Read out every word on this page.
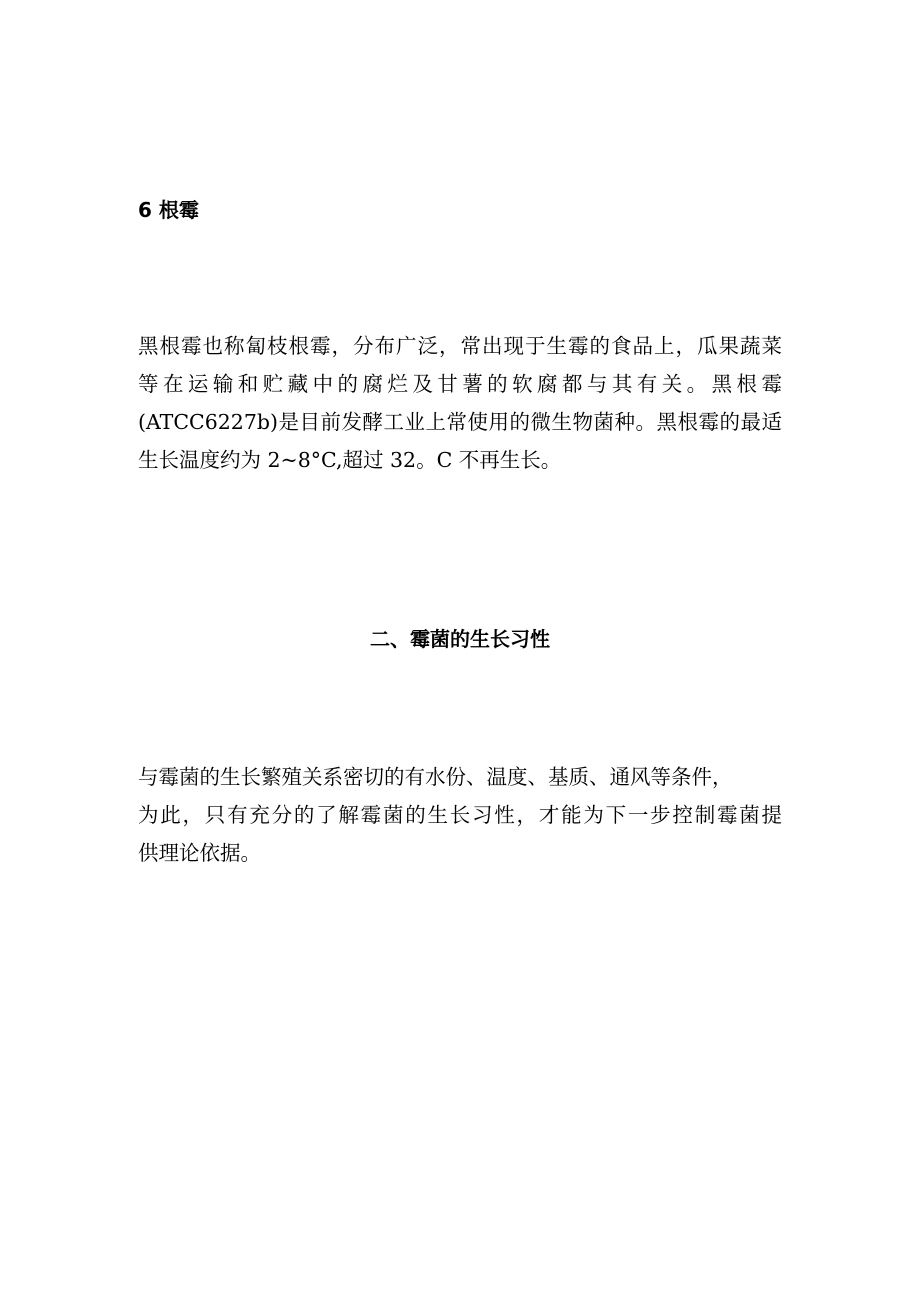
6 根霉
黑根霉也称匐枝根霉，分布广泛，常出现于生霉的食品上，瓜果蔬菜
等在运输和贮藏中的腐烂及甘薯的软腐都与其有关。黑根霉
(ATCC6227b)是目前发酵工业上常使用的微生物菌种。黑根霉的最适
生长温度约为 2~8°C,超过 32。C 不再生长。
二、霉菌的生长习性
与霉菌的生长繁殖关系密切的有水份、温度、基质、通风等条件，
为此，只有充分的了解霉菌的生长习性，才能为下一步控制霉菌提
供理论依据。
